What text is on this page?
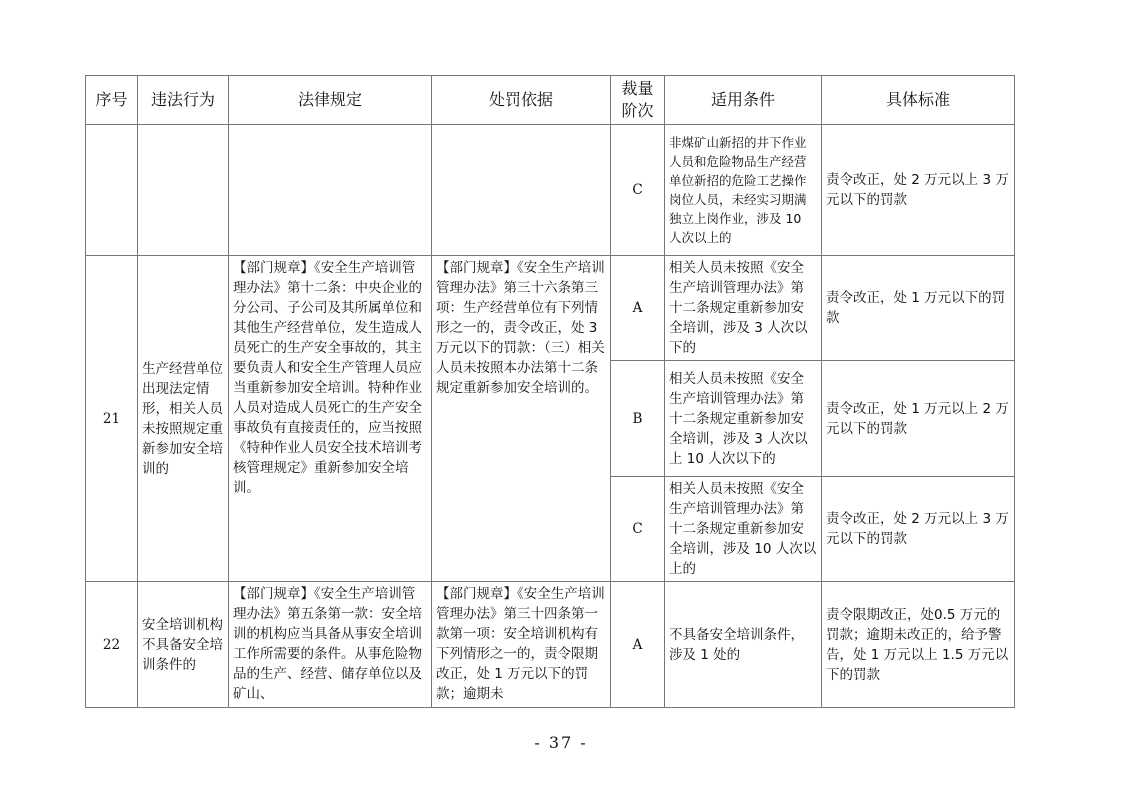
序号	违法行为	法律规定	处罚依据	裁量阶次	适用条件	具体标准
				C	非煤矿山新招的井下作业人员和危险物品生产经营单位新招的危险工艺操作岗位人员，未经实习期满独立上岗作业，涉及 10 人次以上的	责令改正，处 2 万元以上 3 万元以下的罚款
21	生产经营单位出现法定情形，相关人员未按照规定重新参加安全培训的	【部门规章】《安全生产培训管理办法》第十二条：中央企业的分公司、子公司及其所属单位和其他生产经营单位，发生造成人员死亡的生产安全事故的，其主要负责人和安全生产管理人员应当重新参加安全培训。特种作业人员对造成人员死亡的生产安全事故负有直接责任的，应当按照《特种作业人员安全技术培训考核管理规定》重新参加安全培训。	【部门规章】《安全生产培训管理办法》第三十六条第三项：生产经营单位有下列情形之一的，责令改正，处 3 万元以下的罚款：（三）相关人员未按照本办法第十二条规定重新参加安全培训的。	A	相关人员未按照《安全生产培训管理办法》第十二条规定重新参加安全培训，涉及 3 人次以下的	责令改正，处 1 万元以下的罚款
				B	相关人员未按照《安全生产培训管理办法》第十二条规定重新参加安全培训，涉及 3 人次以上 10 人次以下的	责令改正，处 1 万元以上 2 万元以下的罚款
				C	相关人员未按照《安全生产培训管理办法》第十二条规定重新参加安全培训，涉及 10 人次以上的	责令改正，处 2 万元以上 3 万元以下的罚款
22	安全培训机构不具备安全培训条件的	【部门规章】《安全生产培训管理办法》第五条第一款：安全培训的机构应当具备从事安全培训工作所需要的条件。从事危险物品的生产、经营、储存单位以及矿山、	【部门规章】《安全生产培训管理办法》第三十四条第一款第一项：安全培训机构有下列情形之一的，责令限期改正，处 1 万元以下的罚款；逾期未	A	不具备安全培训条件，涉及 1 处的	责令限期改正，处0.5 万元的罚款；逾期未改正的，给予警告，处 1 万元以上 1.5 万元以下的罚款
- 37 -
